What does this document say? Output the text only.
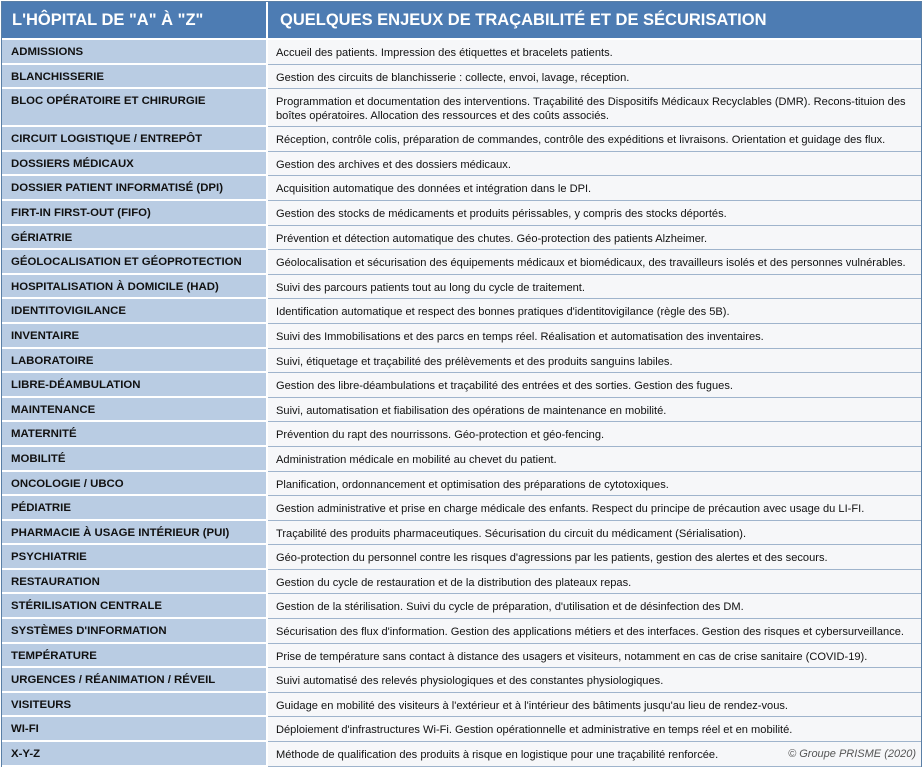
L'HÔPITAL DE "A" À "Z"	QUELQUES ENJEUX DE TRAÇABILITÉ ET DE SÉCURISATION
ADMISSIONS	Accueil des patients. Impression des étiquettes et bracelets patients.
BLANCHISSERIE	Gestion des circuits de blanchisserie : collecte, envoi, lavage, réception.
BLOC OPÉRATOIRE ET CHIRURGIE	Programmation et documentation des interventions. Traçabilité des Dispositifs Médicaux Recyclables (DMR). Recons-tituion des boîtes opératoires. Allocation des ressources et des coûts associés.
CIRCUIT LOGISTIQUE / ENTREPÔT	Réception, contrôle colis, préparation de commandes, contrôle des expéditions et livraisons. Orientation et guidage des flux.
DOSSIERS MÉDICAUX	Gestion des archives et des dossiers médicaux.
DOSSIER PATIENT INFORMATISÉ (DPI)	Acquisition automatique des données et intégration dans le DPI.
FIRT-IN FIRST-OUT (FIFO)	Gestion des stocks de médicaments et produits périssables, y compris des stocks déportés.
GÉRIATRIE	Prévention et détection automatique des chutes. Géo-protection des patients Alzheimer.
GÉOLOCALISATION ET GÉOPROTECTION	Géolocalisation et sécurisation des équipements médicaux et biomédicaux, des travailleurs isolés et des personnes vulnérables.
HOSPITALISATION À DOMICILE (HAD)	Suivi des parcours patients tout au long du cycle de traitement.
IDENTITOVIGILANCE	Identification automatique et respect des bonnes pratiques d'identitovigilance (règle des 5B).
INVENTAIRE	Suivi des Immobilisations et des parcs en temps réel. Réalisation et automatisation des inventaires.
LABORATOIRE	Suivi, étiquetage et traçabilité des prélèvements et des produits sanguins labiles.
LIBRE-DÉAMBULATION	Gestion des libre-déambulations et traçabilité des entrées et des sorties. Gestion des fugues.
MAINTENANCE	Suivi, automatisation et fiabilisation des opérations de maintenance en mobilité.
MATERNITÉ	Prévention du rapt des nourrissons. Géo-protection et géo-fencing.
MOBILITÉ	Administration médicale en mobilité au chevet du patient.
ONCOLOGIE / UBCO	Planification, ordonnancement et optimisation des préparations de cytotoxiques.
PÉDIATRIE	Gestion administrative et prise en charge médicale des enfants. Respect du principe de précaution avec usage du LI-FI.
PHARMACIE À USAGE INTÉRIEUR (PUI)	Traçabilité des produits pharmaceutiques. Sécurisation du circuit du médicament (Sérialisation).
PSYCHIATRIE	Géo-protection du personnel contre les risques d'agressions par les patients, gestion des alertes et des secours.
RESTAURATION	Gestion du cycle de restauration et de la distribution des plateaux repas.
STÉRILISATION CENTRALE	Gestion de la stérilisation. Suivi du cycle de préparation, d'utilisation et de désinfection des DM.
SYSTÈMES D'INFORMATION	Sécurisation des flux d'information. Gestion des applications métiers et des interfaces. Gestion des risques et cybersurveillance.
TEMPÉRATURE	Prise de température sans contact à distance des usagers et visiteurs, notamment en cas de crise sanitaire (COVID-19).
URGENCES / RÉANIMATION / RÉVEIL	Suivi automatisé des relevés physiologiques et des constantes physiologiques.
VISITEURS	Guidage en mobilité des visiteurs à l'extérieur et à l'intérieur des bâtiments jusqu'au lieu de rendez-vous.
WI-FI	Déploiement d'infrastructures Wi-Fi. Gestion opérationnelle et administrative en temps réel et en mobilité.
X-Y-Z	Méthode de qualification des produits à risque en logistique pour une traçabilité renforcée.	© Groupe PRISME (2020)
